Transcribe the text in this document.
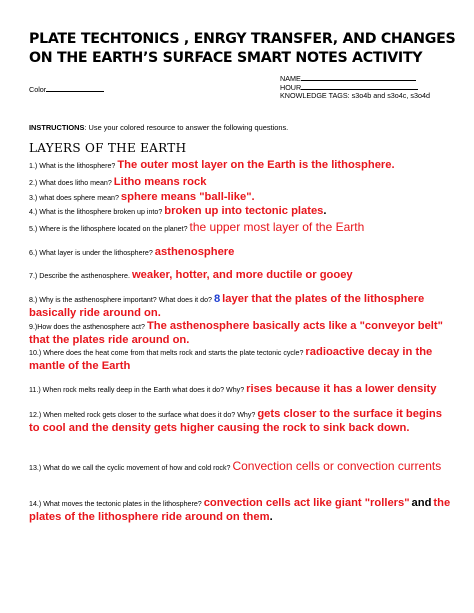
PLATE TECHTONICS , ENRGY TRANSFER, AND CHANGES ON THE EARTH’S SURFACE SMART NOTES ACTIVITY
Color
NAME
HOUR
KNOWLEDGE TAGS: s3o4b and s3o4c, s3o4d
INSTRUCTIONS: Use your colored resource to answer the following questions.
LAYERS OF THE EARTH
1.) What is the lithosphere? The outer most layer on the Earth is the lithosphere.
2.) What does litho mean? Litho means rock
3.) what does sphere mean? sphere means "ball-like".
4.) What is the lithosphere broken up into? broken up into tectonic plates.
5.) Where is the lithosphere located on the planet? the upper most layer of the Earth
6.) What layer is under the lithosphere? asthenosphere
7.) Describe the asthenosphere. weaker, hotter, and more ductile or gooey
8.) Why is the asthenosphere important? What does it do? 8 layer that the plates of the lithosphere basically ride around on.
9.)How does the asthenosphere act? The asthenosphere basically acts like a "conveyor belt" that the plates ride around on.
10.) Where does the heat come from that melts rock and starts the plate tectonic cycle? radioactive decay in the mantle of the Earth
11.) When rock melts really deep in the Earth what does it do? Why? rises because it has a lower density
12.) When melted rock gets closer to the surface what does it do? Why? gets closer to the surface it begins to cool and the density gets higher causing the rock to sink back down.
13.) What do we call the cyclic movement of how and cold rock? Convection cells or convection currents
14.) What moves the tectonic plates in the lithosphere? convection cells act like giant "rollers" and the plates of the lithosphere ride around on them.
